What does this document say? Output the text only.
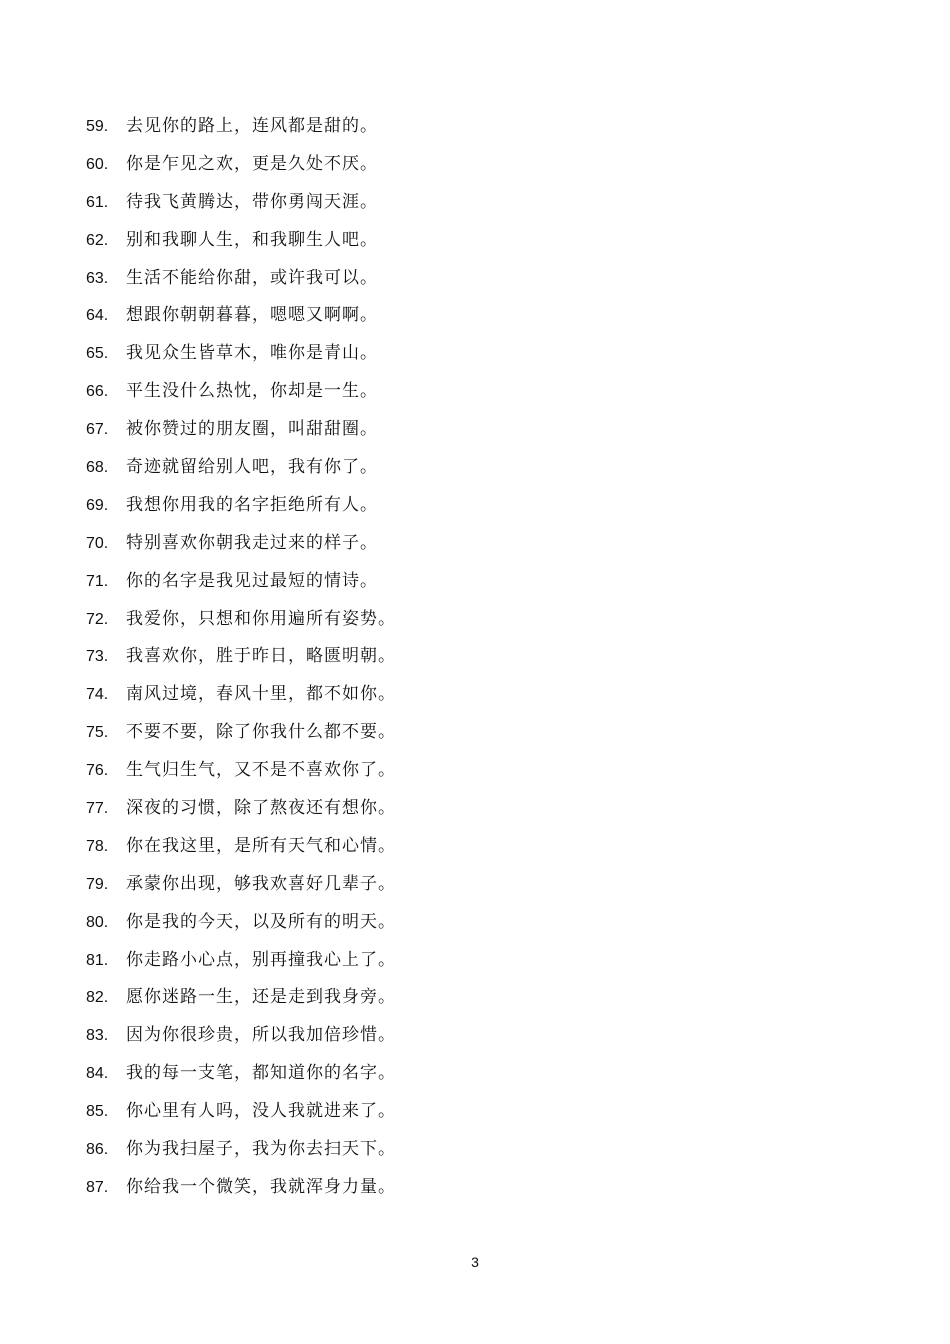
59.	去见你的路上，连风都是甜的。
60.	你是乍见之欢，更是久处不厌。
61.	待我飞黄腾达，带你勇闯天涯。
62.	别和我聊人生，和我聊生人吧。
63.	生活不能给你甜，或许我可以。
64.	想跟你朝朝暮暮，嗯嗯又啊啊。
65.	我见众生皆草木，唯你是青山。
66.	平生没什么热忱，你却是一生。
67.	被你赞过的朋友圈，叫甜甜圈。
68.	奇迹就留给别人吧，我有你了。
69.	我想你用我的名字拒绝所有人。
70.	特别喜欢你朝我走过来的样子。
71.	你的名字是我见过最短的情诗。
72.	我爱你，只想和你用遍所有姿势。
73.	我喜欢你，胜于昨日，略匮明朝。
74.	南风过境，春风十里，都不如你。
75.	不要不要，除了你我什么都不要。
76.	生气归生气，又不是不喜欢你了。
77.	深夜的习惯，除了熬夜还有想你。
78.	你在我这里，是所有天气和心情。
79.	承蒙你出现，够我欢喜好几辈子。
80.	你是我的今天，以及所有的明天。
81.	你走路小心点，别再撞我心上了。
82.	愿你迷路一生，还是走到我身旁。
83.	因为你很珍贵，所以我加倍珍惜。
84.	我的每一支笔，都知道你的名字。
85.	你心里有人吗，没人我就进来了。
86.	你为我扫屋子，我为你去扫天下。
87.	你给我一个微笑，我就浑身力量。
3
